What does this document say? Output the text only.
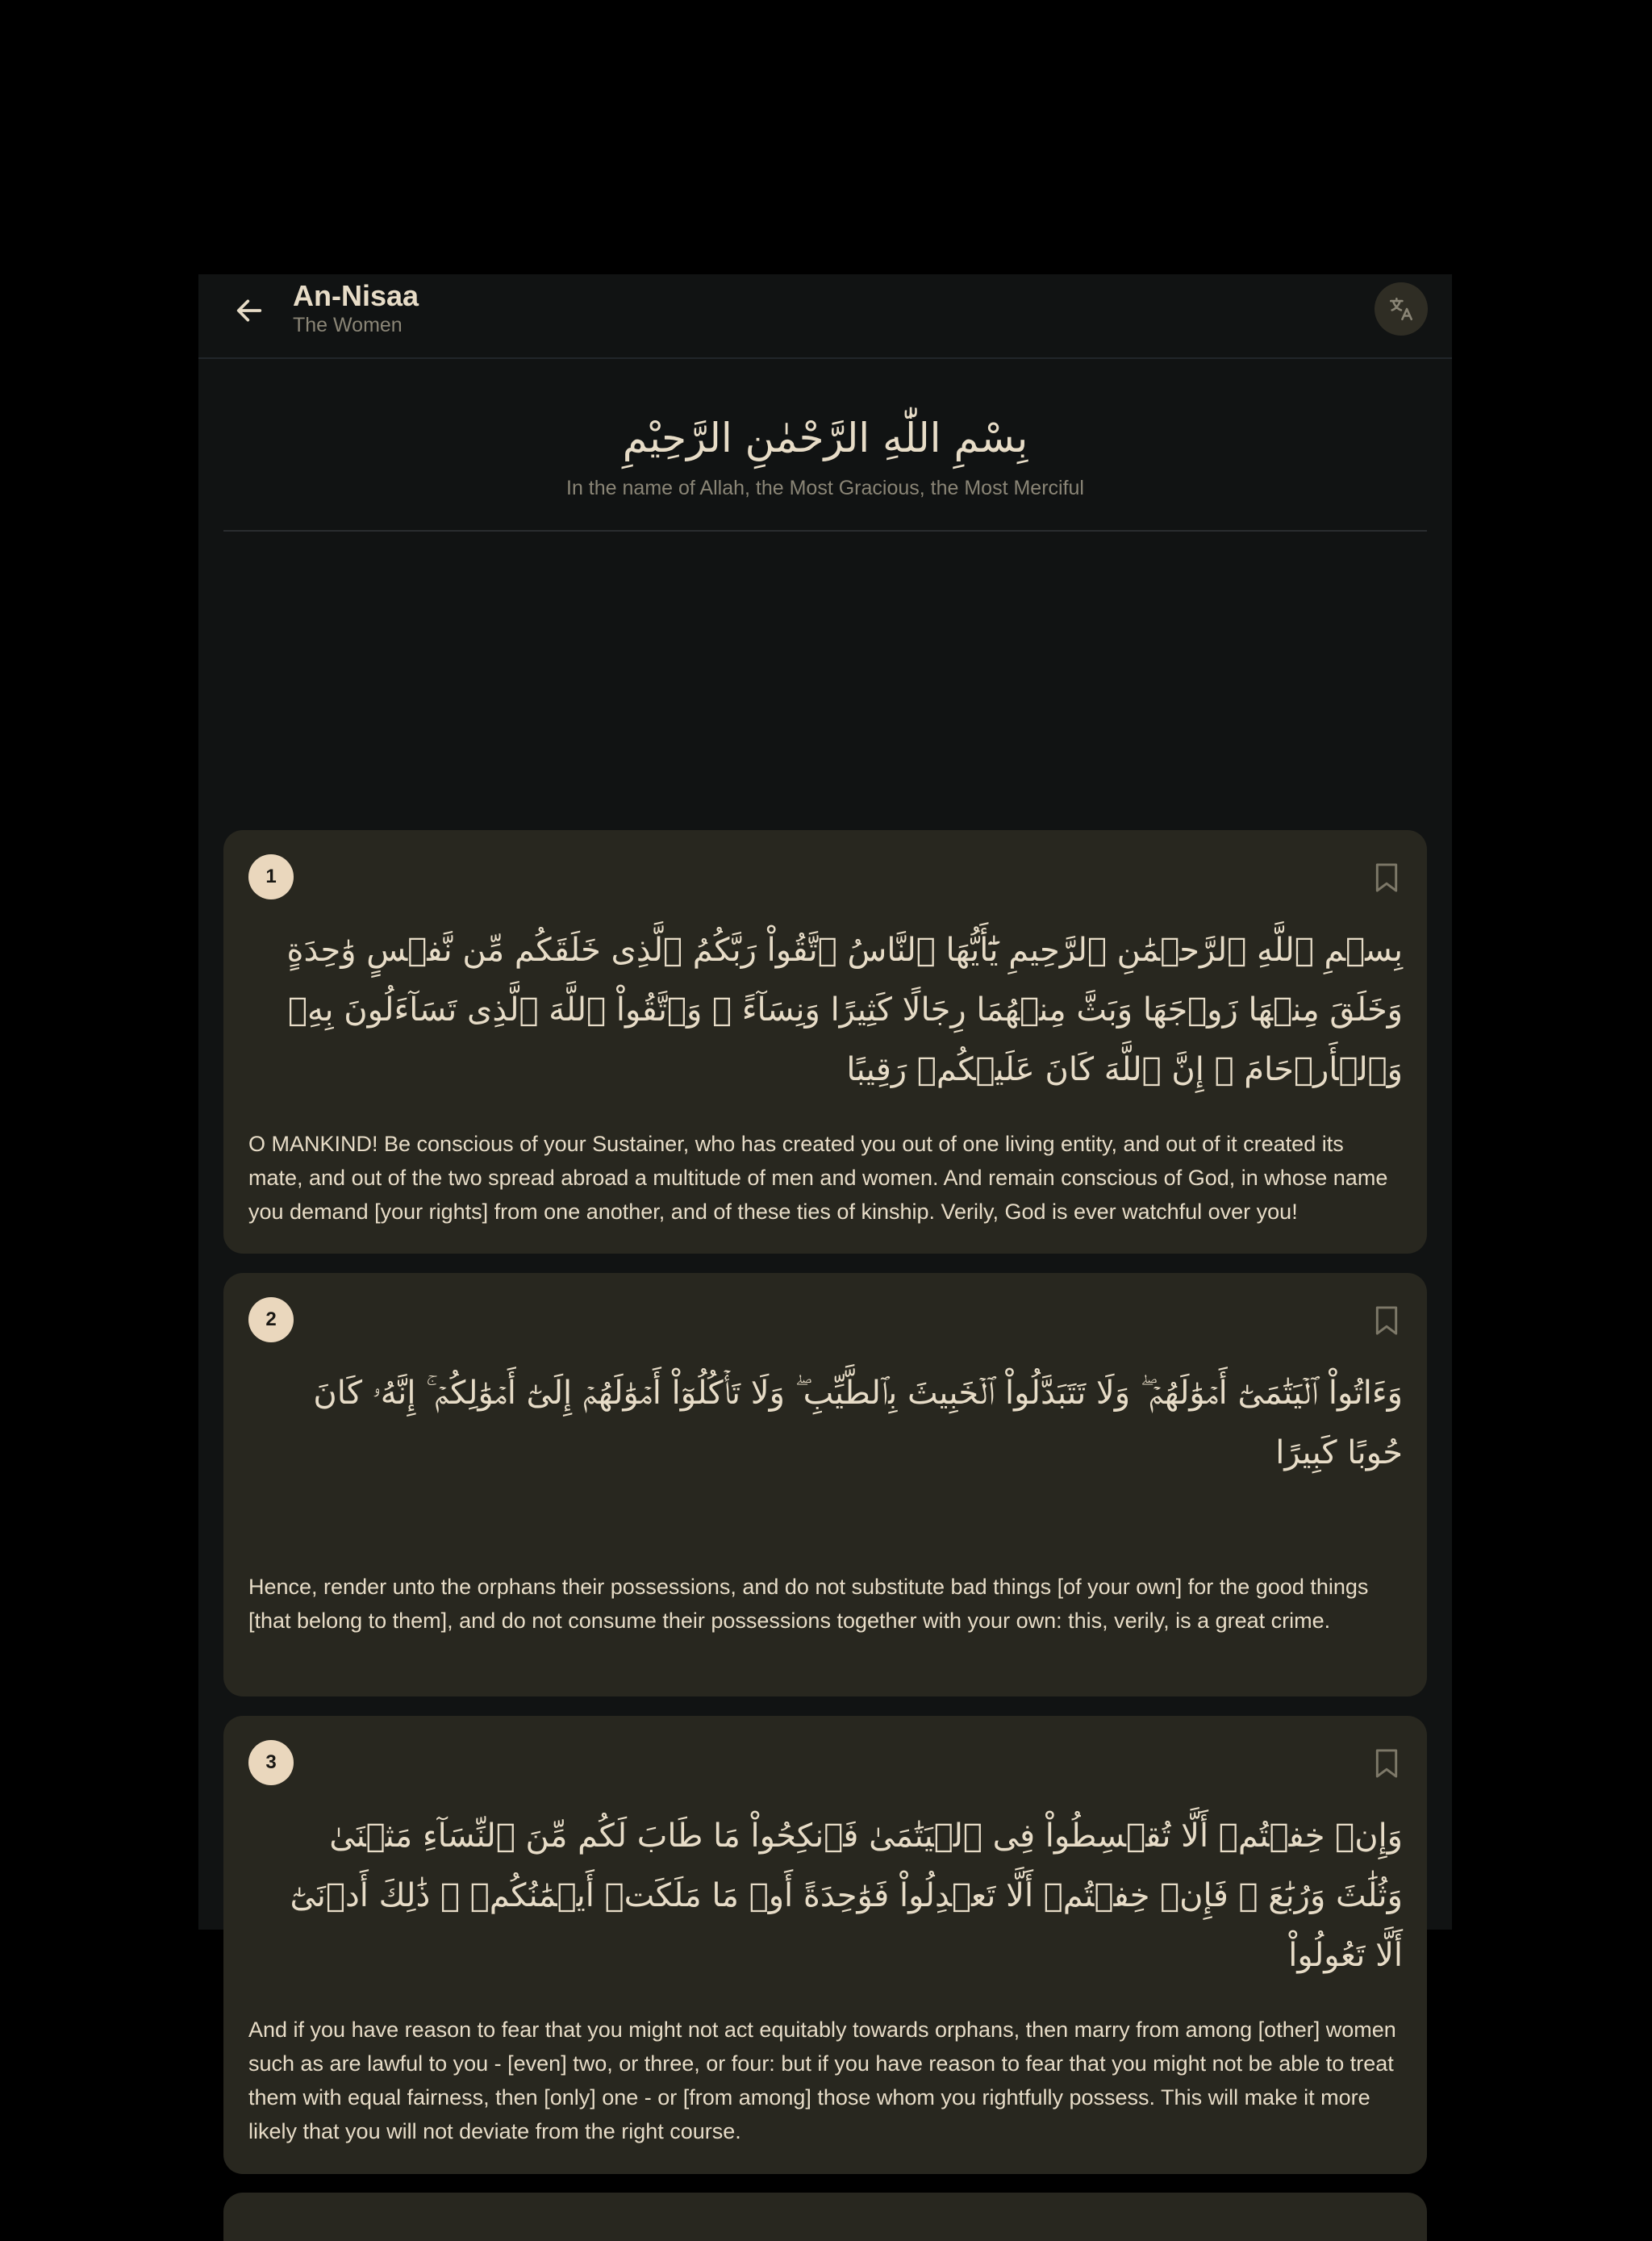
An-Nisaa
The Women
بِسْمِ اللّٰهِ الرَّحْمٰنِ الرَّحِيْمِ
In the name of Allah, the Most Gracious, the Most Merciful
1
بِسۡمِ ٱللَّهِ ٱلرَّحۡمَٰنِ ٱلرَّحِيمِ يَٰٓأَيُّهَا ٱلنَّاسُ ٱتَّقُواْ رَبَّكُمُ ٱلَّذِى خَلَقَكُم مِّن نَّفۡسٍ وَٰحِدَةٍ وَخَلَقَ مِنۡهَا زَوۡجَهَا وَبَثَّ مِنۡهُمَا رِجَالًا كَثِيرًا وَنِسَآءً ۚ وَٱتَّقُواْ ٱللَّهَ ٱلَّذِى تَسَآءَلُونَ بِهِۦ وَٱلۡأَرۡحَامَ ۚ إِنَّ ٱللَّهَ كَانَ عَلَيۡكُمۡ رَقِيبًا
O MANKIND! Be conscious of your Sustainer, who has created you out of one living entity, and out of it created its mate, and out of the two spread abroad a multitude of men and women. And remain conscious of God, in whose name you demand [your rights] from one another, and of these ties of kinship. Verily, God is ever watchful over you!
2
وَءَاتُواْ ٱلۡيَتَٰمَىٰٓ أَمۡوَٰلَهُمۡ ۖ وَلَا تَتَبَدَّلُواْ ٱلۡخَبِيثَ بِٱلطَّيِّبِ ۖ وَلَا تَأۡكُلُوٓاْ أَمۡوَٰلَهُمۡ إِلَىٰٓ أَمۡوَٰلِكُمۡ ۚ إِنَّهُۥ كَانَ حُوبًا كَبِيرًا
Hence, render unto the orphans their possessions, and do not substitute bad things [of your own] for the good things [that belong to them], and do not consume their possessions together with your own: this, verily, is a great crime.
3
وَإِنۡ خِفۡتُمۡ أَلَّا تُقۡسِطُواْ فِى ٱلۡيَتَٰمَىٰ فَٱنكِحُواْ مَا طَابَ لَكُم مِّنَ ٱلنِّسَآءِ مَثۡنَىٰ وَثُلَٰثَ وَرُبَٰعَ ۖ فَإِنۡ خِفۡتُمۡ أَلَّا تَعۡدِلُواْ فَوَٰحِدَةً أَوۡ مَا مَلَكَتۡ أَيۡمَٰنُكُمۡ ۚ ذَٰلِكَ أَدۡنَىٰٓ أَلَّا تَعُولُواْ
And if you have reason to fear that you might not act equitably towards orphans, then marry from among [other] women such as are lawful to you - [even] two, or three, or four: but if you have reason to fear that you might not be able to treat them with equal fairness, then [only] one - or [from among] those whom you rightfully possess. This will make it more likely that you will not deviate from the right course.
